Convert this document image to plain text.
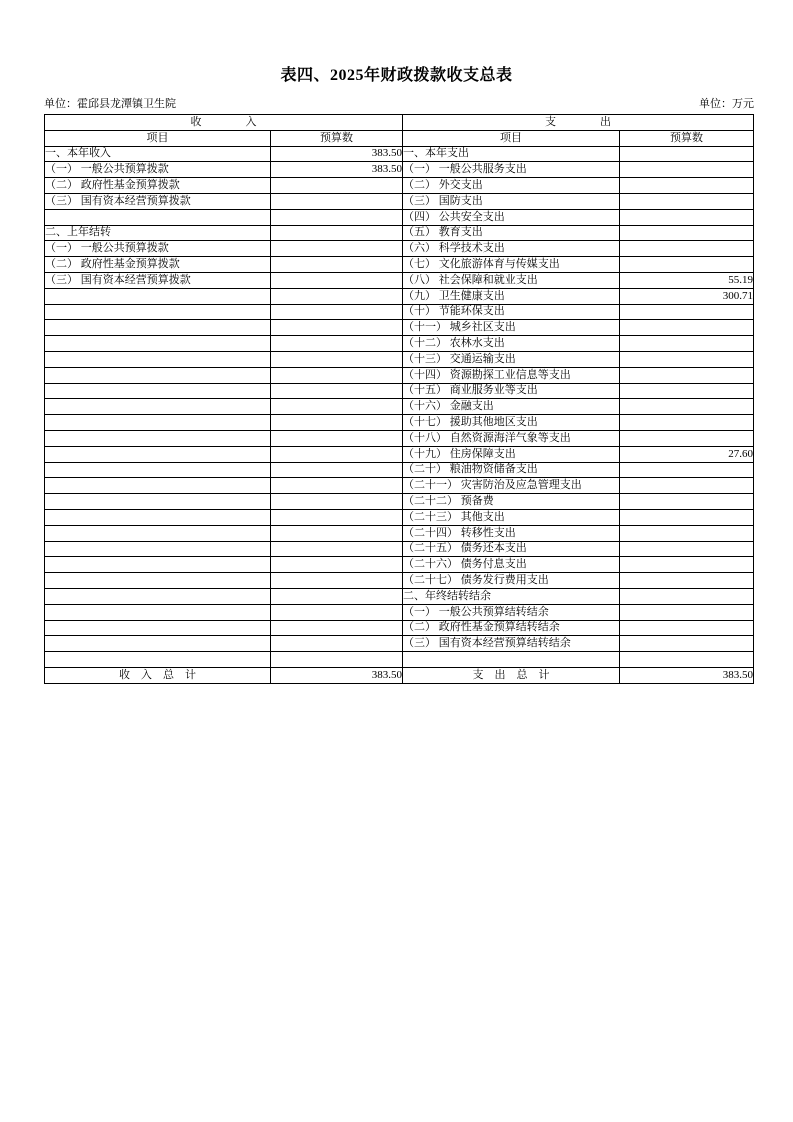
表四、2025年财政拨款收支总表
单位：霍邱县龙潭镇卫生院	单位：万元
收　　　　入		支　　　　出	
项目	预算数	项目	预算数
一、本年收入	383.50	一、本年支出	
（一） 一般公共预算拨款	383.50	（一） 一般公共服务支出	
（二） 政府性基金预算拨款		（二） 外交支出	
（三） 国有资本经营预算拨款		（三） 国防支出	
		（四） 公共安全支出	
二、上年结转		（五） 教育支出	
（一） 一般公共预算拨款		（六） 科学技术支出	
（二） 政府性基金预算拨款		（七） 文化旅游体育与传媒支出	
（三） 国有资本经营预算拨款		（八） 社会保障和就业支出	55.19
		（九） 卫生健康支出	300.71
		（十） 节能环保支出	
		（十一） 城乡社区支出	
		（十二） 农林水支出	
		（十三） 交通运输支出	
		（十四） 资源勘探工业信息等支出	
		（十五） 商业服务业等支出	
		（十六） 金融支出	
		（十七） 援助其他地区支出	
		（十八） 自然资源海洋气象等支出	
		（十九） 住房保障支出	27.60
		（二十） 粮油物资储备支出	
		（二十一） 灾害防治及应急管理支出	
		（二十二） 预备费	
		（二十三） 其他支出	
		（二十四） 转移性支出	
		（二十五） 债务还本支出	
		（二十六） 债务付息支出	
		（二十七） 债务发行费用支出	
		二、年终结转结余	
		（一） 一般公共预算结转结余	
		（二） 政府性基金预算结转结余	
		（三） 国有资本经营预算结转结余	

收　入　总　计	383.50	支　出　总　计	383.50
